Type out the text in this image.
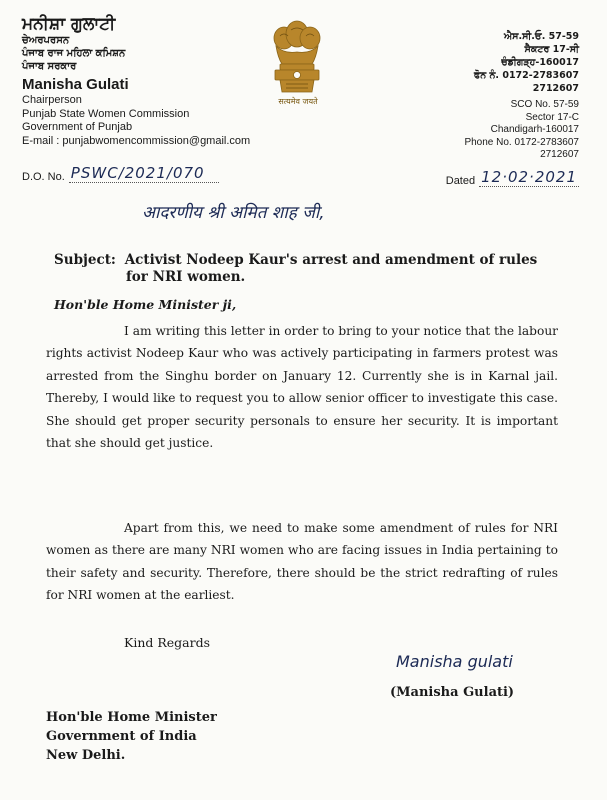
ਮਨੀਸ਼ਾ ਗੁਲਾਟੀ
ਚੇਅਰਪਰਸਨ
ਪੰਜਾਬ ਰਾਜ ਮਹਿਲਾ ਕਮਿਸ਼ਨ
ਪੰਜਾਬ ਸਰਕਾਰ
Manisha Gulati
Chairperson
Punjab State Women Commission
Government of Punjab
E-mail : punjabwomencommission@gmail.com
सत्यमेव जयते
ਐਸ.ਸੀ.ਓ. 57-59
ਸੈਕਟਰ 17-ਸੀ
ਚੰਡੀਗੜ੍ਹ-160017
ਫੋਨ ਨੰ. 0172-2783607
2712607
SCO No. 57-59
Sector 17-C
Chandigarh-160017
Phone No. 0172-2783607
2712607
D.O. No. PSWC/2021/070	Dated 12·02·2021
आदरणीय श्री अमित शाह जी,
Subject: Activist Nodeep Kaur's arrest and amendment of rules
for NRI women.
Hon'ble Home Minister ji,

I am writing this letter in order to bring to your notice that the labour rights activist Nodeep Kaur who was actively participating in farmers protest was arrested from the Singhu border on January 12. Currently she is in Karnal jail. Thereby, I would like to request you to allow senior officer to investigate this case. She should get proper security personals to ensure her security. It is important that she should get justice.

Apart from this, we need to make some amendment of rules for NRI women as there are many NRI women who are facing issues in India pertaining to their safety and security. Therefore, there should be the strict redrafting of rules for NRI women at the earliest.

Kind Regards
Manisha gulati
(Manisha Gulati)
Hon'ble Home Minister
Government of India
New Delhi.
